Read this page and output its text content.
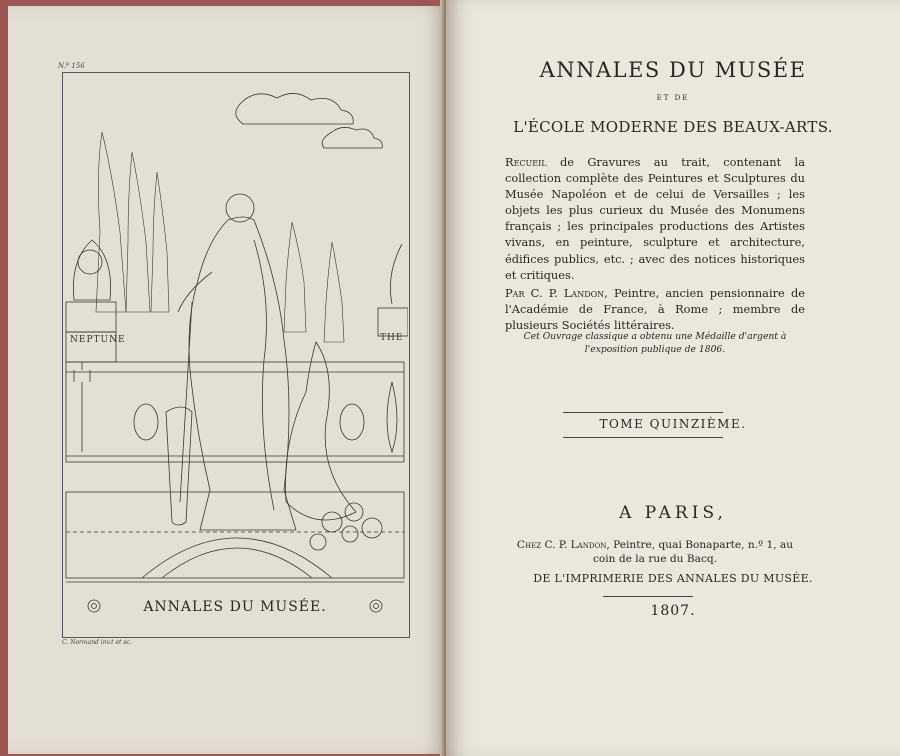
N.º 156
NEPTUNE	THE
ANNALES DU MUSÉE.
C. Normand inv.t et sc.
ANNALES DU MUSÉE
ET DE
L'ÉCOLE MODERNE DES BEAUX-ARTS.
Recueil de Gravures au trait, contenant la collection complète des Peintures et Sculptures du Musée Napoléon et de celui de Versailles ; les objets les plus curieux du Musée des Monumens français ; les principales productions des Artistes vivans, en peinture, sculpture et architecture, édifices publics, etc. ; avec des notices historiques et critiques.
Par C. P. Landon, Peintre, ancien pensionnaire de l'Académie de France, à Rome ; membre de plusieurs Sociétés littéraires.
Cet Ouvrage classique a obtenu une Médaille d'argent à l'exposition publique de 1806.
TOME QUINZIÈME.
A PARIS,
Chez C. P. Landon, Peintre, quai Bonaparte, n.º 1, au coin de la rue du Bacq.
DE L'IMPRIMERIE DES ANNALES DU MUSÉE.
1807.
